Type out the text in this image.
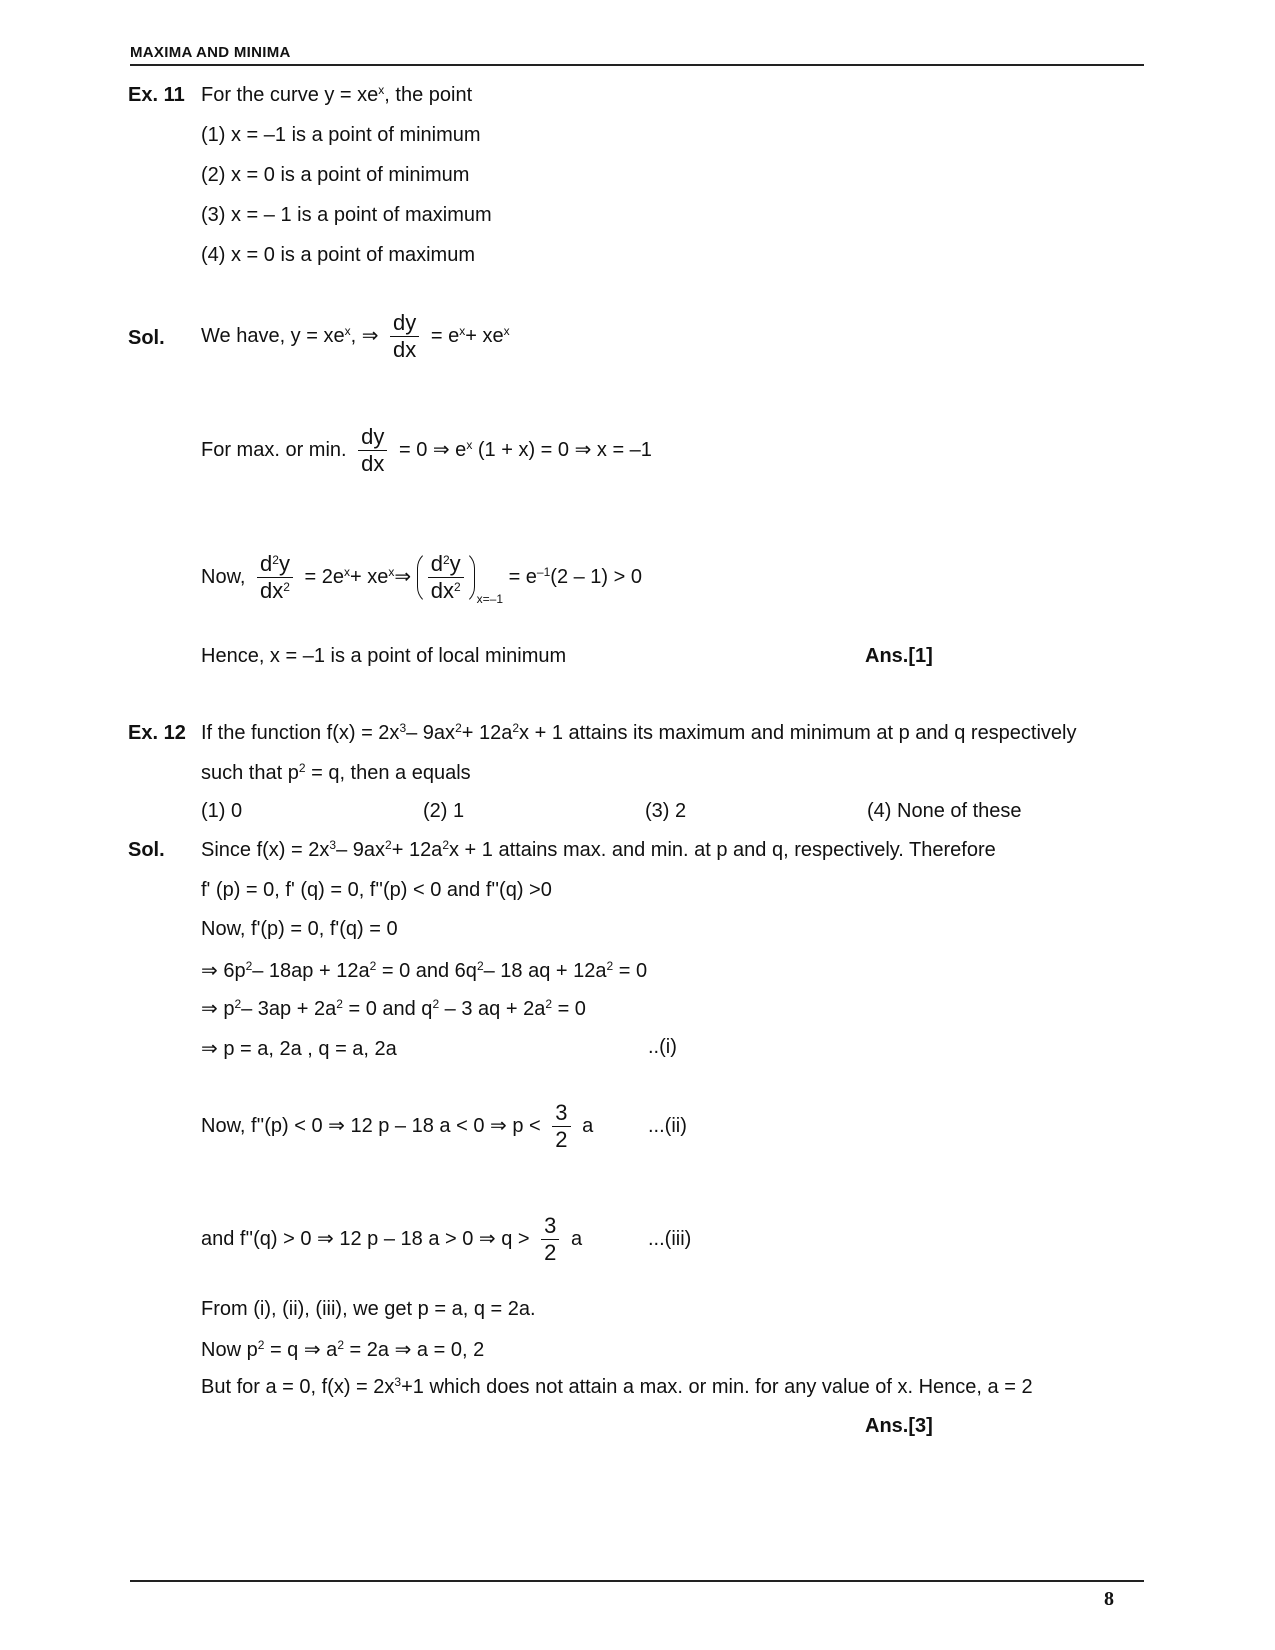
MAXIMA AND MINIMA
Ex. 11 For the curve $y = xe^x$, the point
(1) x = –1 is a point of minimum
(2) x = 0 is a point of minimum
(3) x = – 1 is a point of maximum
(4) x = 0 is a point of maximum
Sol. We have, $y = xe^x$, ⇒ $\frac{dy}{dx} = e^x+ xe^x$
For max. or min. $\frac{dy}{dx} = 0$ ⇒ $e^x$ (1 + x) = 0 ⇒ x = –1
Now, $\frac{d^2y}{dx^2} = 2e^x+$ $xe^x\Rightarrow \frac{d^2y}{dx^2} _{x=-1} = e^{-1}(2 - 1) > 0$
Hence, x = –1 is a point of local minimum	Ans.[1]
Ex. 12 If the function $f(x) = 2x^3-$ $9ax^2+ 12a^2x + 1$ attains its maximum and minimum at p and q respectively
such that $p^2 = q$, then a equals
(1) 0	(2) 1	(3) 2	(4) None of these
Sol. Since $f(x) = 2x^3-$ $9ax^2+ 12a^2x + 1$ attains max. and min. at p and q, respectively. Therefore
f' (p) = 0, f' (q) = 0, f''(p) < 0 and f''(q) >0
Now, f'(p) = 0, f'(q) = 0
⇒ $6p^2-$ $18ap + 12a^2 = 0$ and $6q^2-$ 18 aq + $12a^2 = 0$
⇒ $p^2-$ $3ap + 2a^2 = 0$ and $q^2 - 3$ aq + $2a^2 = 0$
⇒ p = a, 2a , q = a, 2a	..(i)
Now, f''(p) < 0 ⇒ 12 p – 18 a < 0 ⇒ $p < \frac{3}{2}$ a	...(ii)
and f''(q) > 0 ⇒ 12 p – 18 a > 0 ⇒ $q > \frac{3}{2}$ a	...(iii)
From (i), (ii), (iii), we get p = a, q = 2a.
Now $p^2 = q$ ⇒ $a^2 = 2a$ ⇒ a = 0, 2
But for a = 0, $f(x) = 2x^3+1$ which does not attain a max. or min. for any value of x. Hence, a = 2
Ans.[3]
8
